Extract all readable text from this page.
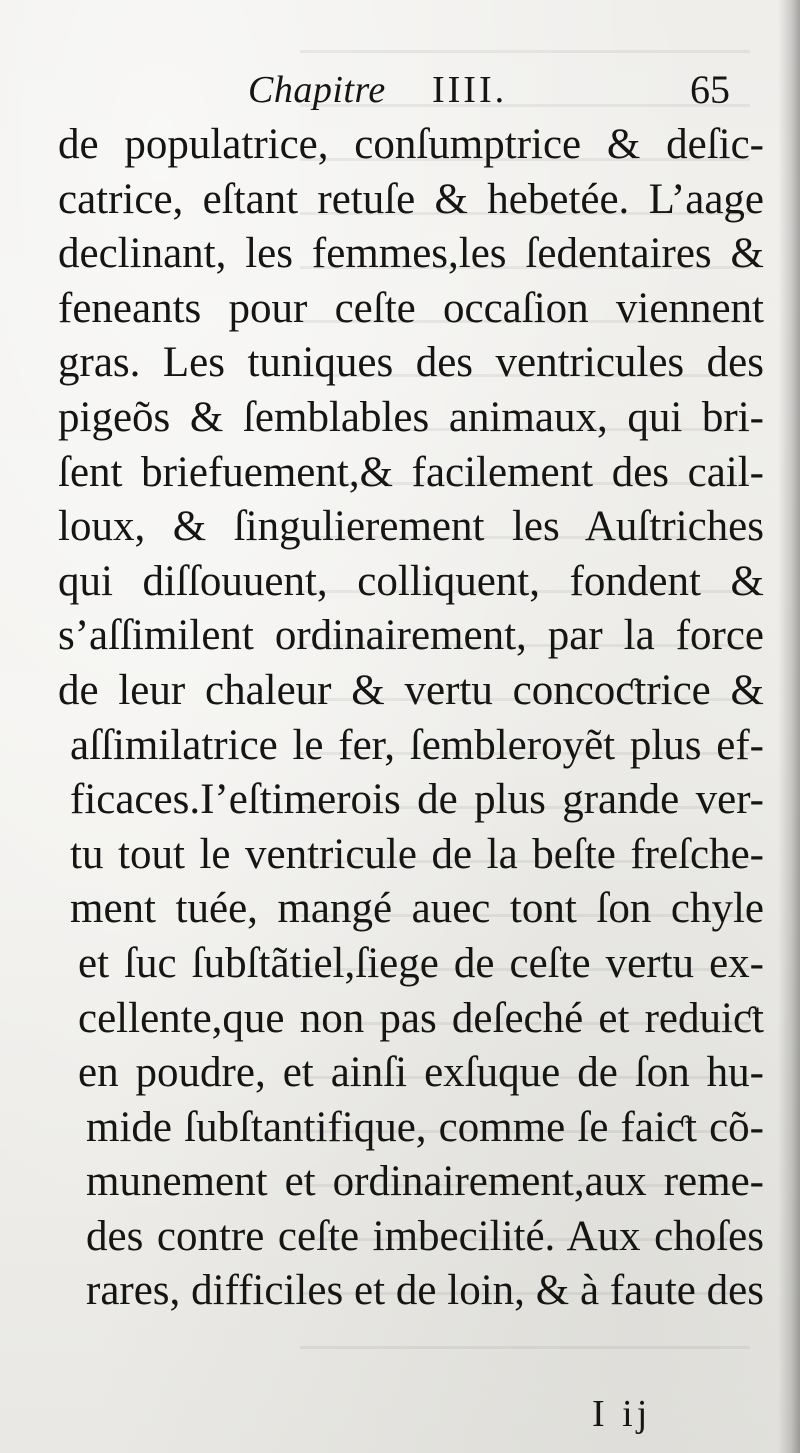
Chapitre IIII.	65
de populatrice, conſumptrice & deſic-
catrice, eſtant retuſe & hebetée. L’aage
declinant, les femmes,les ſedentaires &
feneants pour ceſte occaſion viennent
gras. Les tuniques des ventricules des
pigeõs & ſemblables animaux, qui bri-
ſent briefuement,& facilement des cail-
loux, & ſingulierement les Auſtriches
qui diſſouuent, colliquent, fondent &
s’aſſimilent ordinairement, par la force
de leur chaleur & vertu concoƈtrice &
aſſimilatrice le fer, ſembleroyẽt plus ef-
ficaces.I’eſtimerois de plus grande ver-
tu tout le ventricule de la beſte freſche-
ment tuée, mangé auec tont ſon chyle
et ſuc ſubſtãtiel,ſiege de ceſte vertu ex-
cellente,que non pas deſeché et reduiƈt
en poudre, et ainſi exſuque de ſon hu-
mide ſubſtantifique, comme ſe faiƈt cõ-
munement et ordinairement,aux reme-
des contre ceſte imbecilité. Aux choſes
rares, difficiles et de loin, & à faute des
I ij
